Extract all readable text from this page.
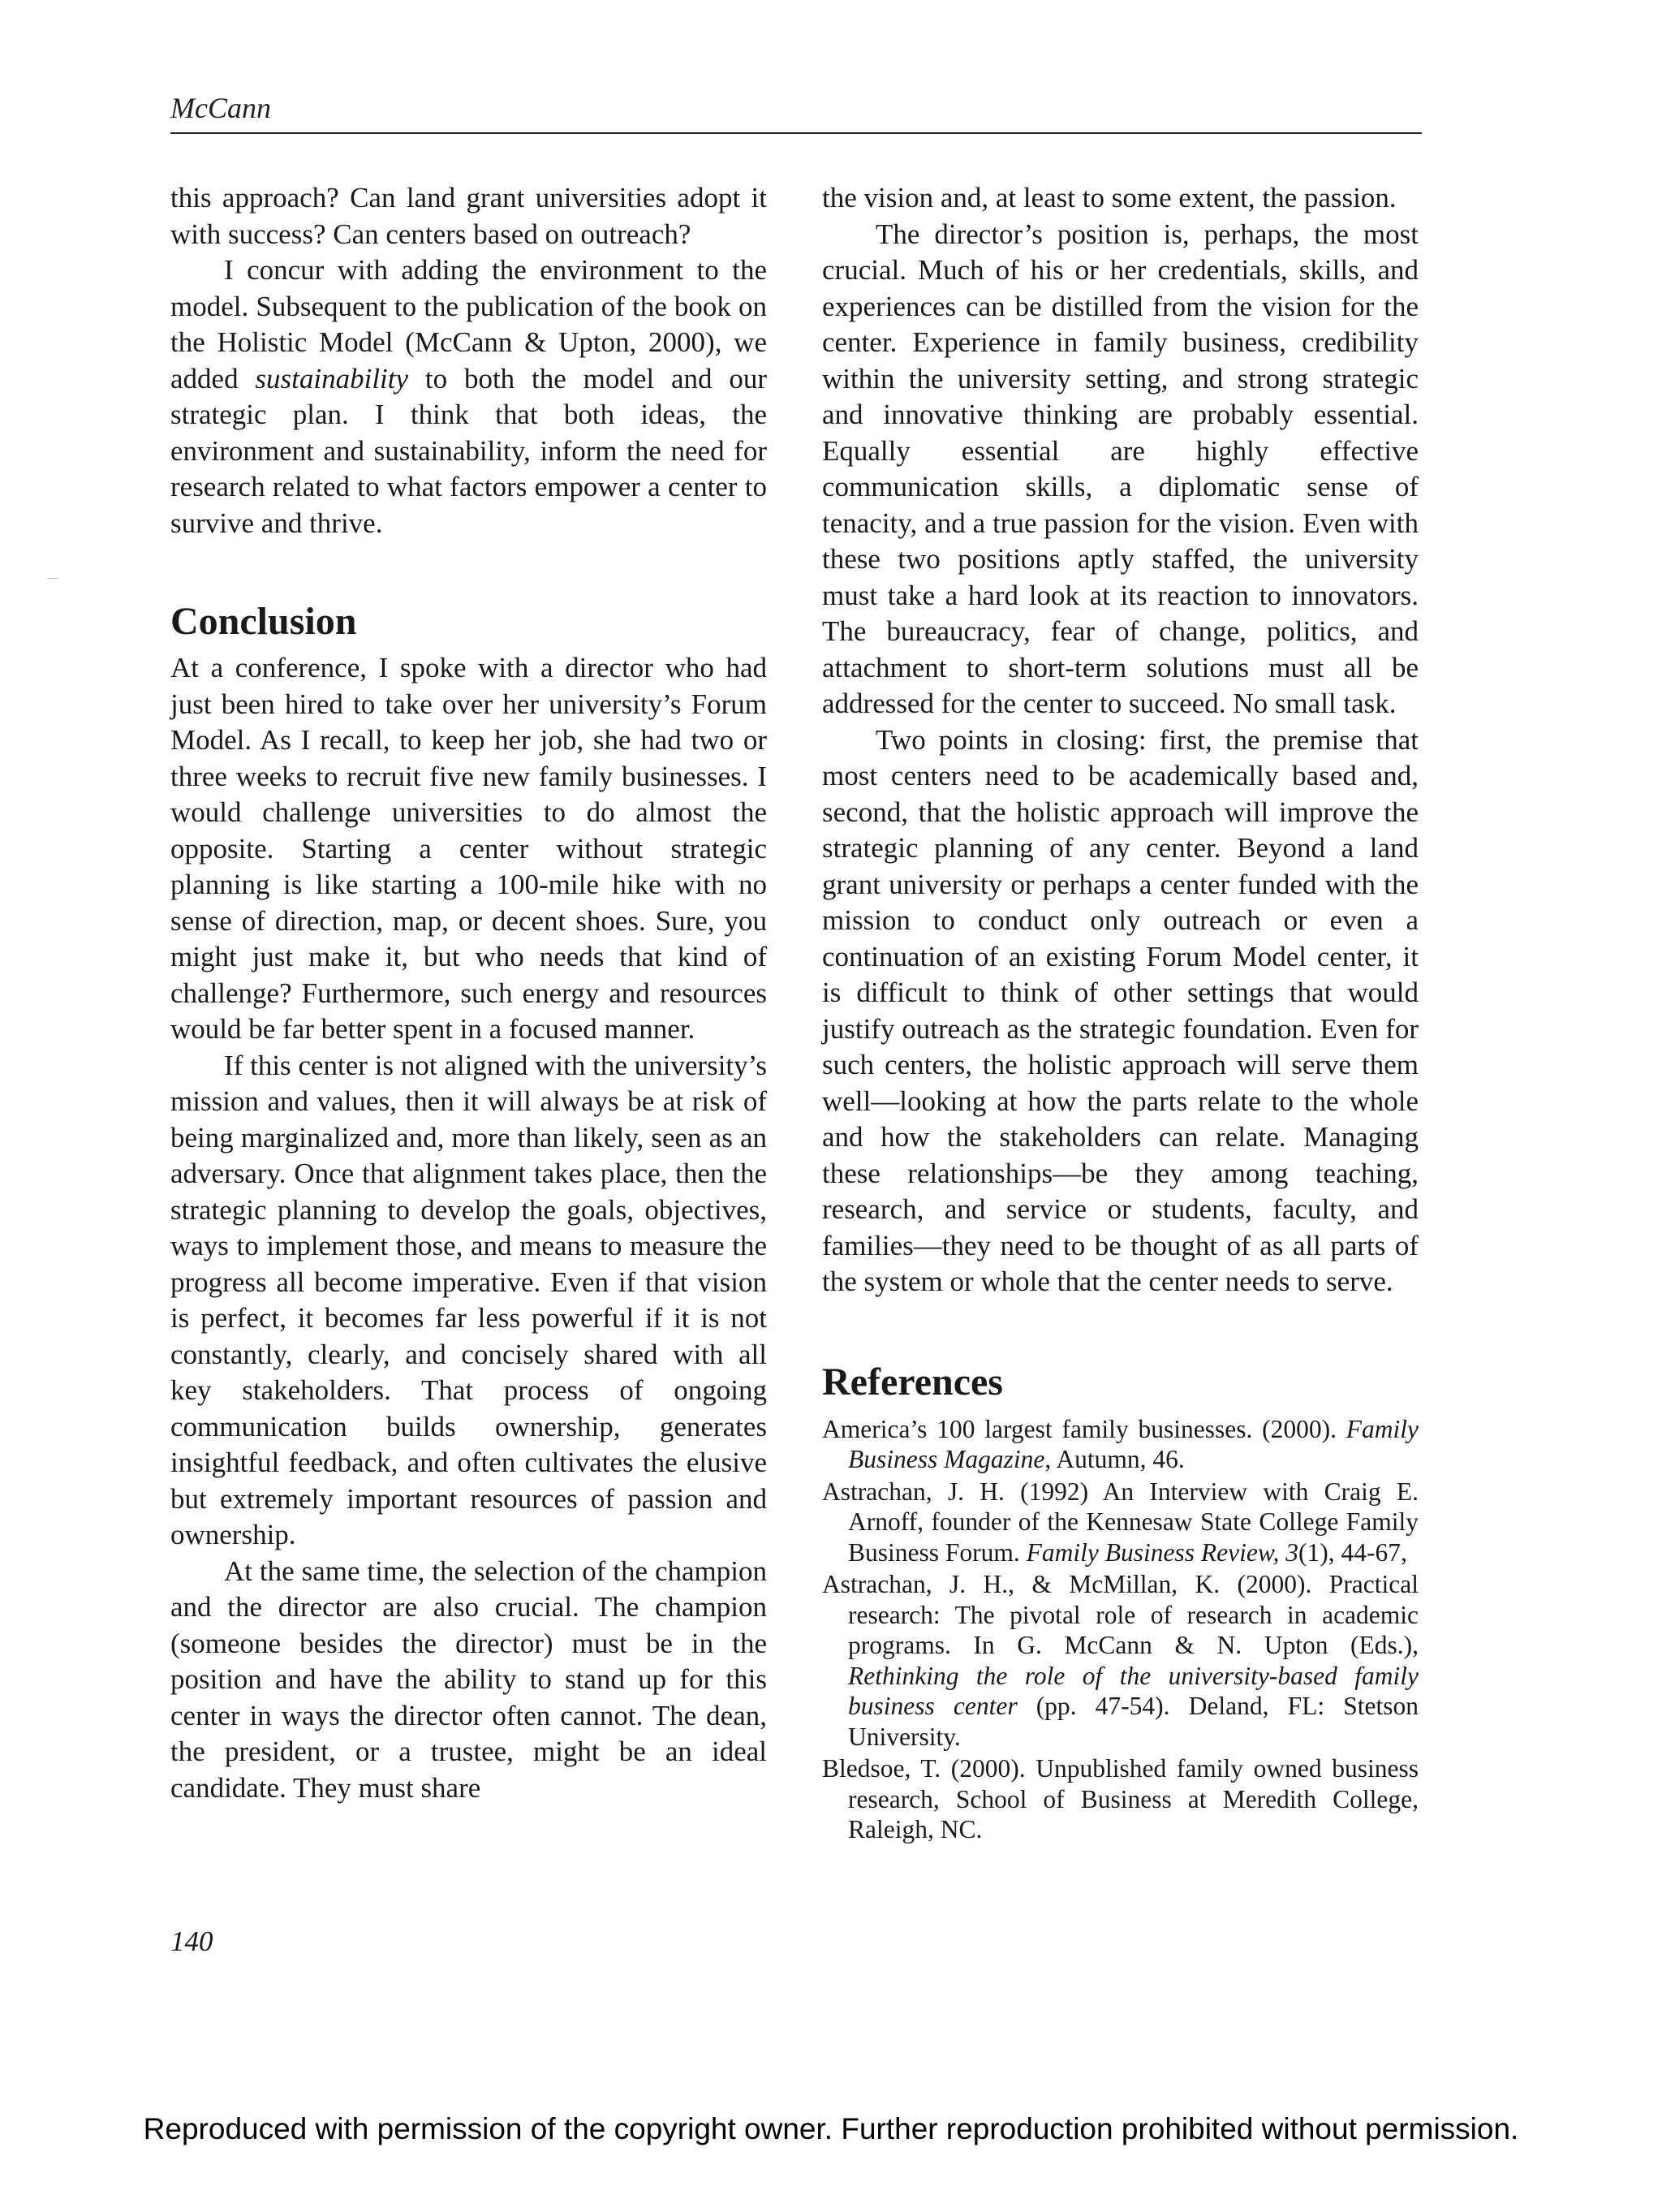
McCann

this approach? Can land grant universities adopt it with success? Can centers based on outreach?

I concur with adding the environment to the model. Subsequent to the publication of the book on the Holistic Model (McCann & Upton, 2000), we added sustainability to both the model and our strategic plan. I think that both ideas, the environment and sustainability, inform the need for research related to what factors empower a center to survive and thrive.

Conclusion

At a conference, I spoke with a director who had just been hired to take over her university’s Forum Model. As I recall, to keep her job, she had two or three weeks to recruit five new family businesses. I would challenge universities to do almost the opposite. Starting a center without strategic planning is like starting a 100-mile hike with no sense of direction, map, or decent shoes. Sure, you might just make it, but who needs that kind of challenge? Furthermore, such energy and resources would be far better spent in a focused manner.

If this center is not aligned with the university’s mission and values, then it will always be at risk of being marginalized and, more than likely, seen as an adversary. Once that alignment takes place, then the strategic planning to develop the goals, objectives, ways to implement those, and means to measure the progress all become imperative. Even if that vision is perfect, it becomes far less powerful if it is not constantly, clearly, and concisely shared with all key stakeholders. That process of ongoing communication builds ownership, generates insightful feedback, and often cultivates the elusive but extremely important resources of passion and ownership.

At the same time, the selection of the champion and the director are also crucial. The champion (someone besides the director) must be in the position and have the ability to stand up for this center in ways the director often cannot. The dean, the president, or a trustee, might be an ideal candidate. They must share

the vision and, at least to some extent, the passion.

The director’s position is, perhaps, the most crucial. Much of his or her credentials, skills, and experiences can be distilled from the vision for the center. Experience in family business, credibility within the university setting, and strong strategic and innovative thinking are probably essential. Equally essential are highly effective communication skills, a diplomatic sense of tenacity, and a true passion for the vision. Even with these two positions aptly staffed, the university must take a hard look at its reaction to innovators. The bureaucracy, fear of change, politics, and attachment to short-term solutions must all be addressed for the center to succeed. No small task.

Two points in closing: first, the premise that most centers need to be academically based and, second, that the holistic approach will improve the strategic planning of any center. Beyond a land grant university or perhaps a center funded with the mission to conduct only outreach or even a continuation of an existing Forum Model center, it is difficult to think of other settings that would justify outreach as the strategic foundation. Even for such centers, the holistic approach will serve them well—looking at how the parts relate to the whole and how the stakeholders can relate. Managing these relationships—be they among teaching, research, and service or students, faculty, and families—they need to be thought of as all parts of the system or whole that the center needs to serve.

References
America’s 100 largest family businesses. (2000). Family Business Magazine, Autumn, 46.
Astrachan, J. H. (1992) An Interview with Craig E. Arnoff, founder of the Kennesaw State College Family Business Forum. Family Business Review, 3(1), 44-67,
Astrachan, J. H., & McMillan, K. (2000). Practical research: The pivotal role of research in academic programs. In G. McCann & N. Upton (Eds.), Rethinking the role of the university-based family business center (pp. 47-54). Deland, FL: Stetson University.
Bledsoe, T. (2000). Unpublished family owned business research, School of Business at Meredith College, Raleigh, NC.
140
Reproduced with permission of the copyright owner. Further reproduction prohibited without permission.
